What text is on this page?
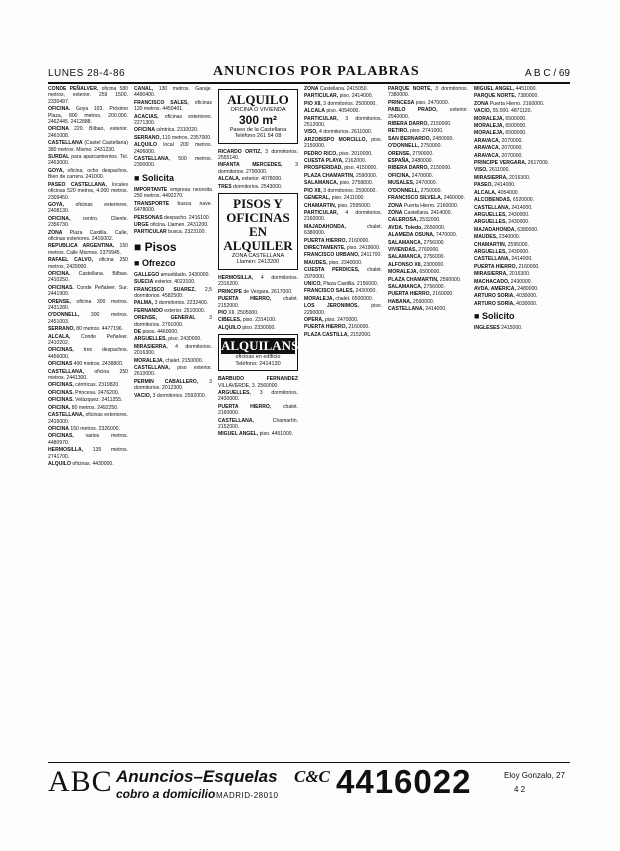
LUNES 28-4-86	ANUNCIOS POR PALABRAS	A B C / 69
CONDE PEÑALVER, oficina 580 metros, exterior. 259 1500. 2330497.
OFICINA. Goya 103. Próximo Plaza, 800 metros, 200.000. 2462445. 2412888.
OFICINA 220. Bilbao, exterior. 2461008.
CASTELLANA (Castel Castellana) 380 metros. Mismo. 2431230.
SURDAL para aparcamientos. Tel. 2463000.
GOYA, oficina, ocho despachos. Bien de carrera. 241000.
PASEO CASTELLANA, locales oficinas 520 metros, 4.000 metros. 2309450.
GOYA, oficinas exteriores. 2408130.
OFICINA, centro. Cliente. 2356730.
ZONA Plaza Castilla. Calle, oficinas exteriores. 2416002.
REPUBLICA ARGENTINA, 150 metros. Calle Mismos. 2379945.
RAFAEL CALVO, oficina 250 metros, 2429000.
OFICINA. Castellana. Bilbao. 2410250.
OFICINAS. Conde Peñalver. Sur. 2441900.
ORENSE, oficina 300 metros. 2431280.
O'DONNELL, 300 metros. 2451003.
SERRANO, 80 metros. 4477196.
ALCALA, Conde Peñalver. 2410202.
OFICINAS, tres despachos. 4456000.
OFICINAS 400 metros. 2438800.
CASTELLANA, oficina 250 metros. 2441300.
OFICINAS, céntricas. 2319820.
OFICINAS. Princesa. 2476200.
OFICINAS. Velázquez. 2411255.
OFICINA, 80 metros. 2492250.
CASTELLANA, oficinas exteriores. 2416000.
OFICINA 150 metros. 2326000.
OFICINAS, varios metros. 4480970.
HERMOSILLA, 135 metros. 2741700.
ALQUILO oficinas. 4430000.
CANAL, 130 metros. Garaje. 4490400.
FRANCISCO SALES, oficinas 120 metros. 4450401.
ACACIAS, oficinas exteriores. 2271300.
OFICINA céntrica. 2310020.
SERRANO, 110 metros. 2357000.
ALQUILO local 200 metros. 2406000.
CASTELLANA, 500 metros. 2300000.
■ Solicita
IMPORTANTE empresa necesita 250 metros. 4492270.
TRANSPORTE busca nave. 6478000.
PERSONAS despacho. 2416100.
URGE oficina. Llamen. 2431200.
PARTICULAR busca. 2323100.
■ Pisos
■ Ofrezco
GALLEGO amueblado. 2430000.
SUECIA exterior. 4023100.
FRANCISCO SUAREZ, 2,5 dormitorios. 4582500.
PALMA, 3 dormitorios. 2232400.
FERNANDO exterior. 2510000.
ORENSE, GENERAL 3 dormitorios. 2791000.
DE pisos. 4460000.
ARGUELLES, piso. 2430000.
MIRASIERRA, 4 dormitorios. 2016300.
MORALEJA, chalet. 2150000.
CASTELLANA, piso exterior. 2610000.
PERMIN CABALLERO, 3 dormitorios. 2012300.
VACIO, 3 dormitorios. 2592000.
ALQUILO
OFICINA O VIVIENDA
300 m²
Paseo de la Castellana
Teléfono 261 54 08
RICARDO ORTIZ, 3 dormitorios. 2555140.
INFANTA MERCEDES, 3 dormitorios. 2790000.
ALCALA, exterior. 4078000.
TRES dormitorios. 2543000.
PISOS Y OFICINAS EN ALQUILER
ZONA CASTELLANA
Llamen: 2413200
HERMOSILLA, 4 dormitorios. 2316200.
PRINCIPE de Vergara. 2617000.
PUERTA HIERRO, chalet. 2152000.
PIO XII. 2505000.
CIBELES, piso. 2314100.
ALQUILO piso. 2330000.
ALQUILANSE
oficinas en edificio
Teléfono: 2414130
BARBUDO FERNANDEZ VILLAVERDE, 3. 2560000.
ARGUELLES, 3 dormitorios. 2430000.
PUERTA HIERRO, chalet. 2160000.
CASTELLANA, Chamartín. 2152000.
MIGUEL ANGEL, piso. 4451000.
ZONA Castellana. 2415050.
PARTICULAR, piso. 2414000.
PIO XII, 3 dormitorios. 2500000.
ALCALA piso. 4054000.
PARTICULAR, 3 dormitorios. 2512000.
VISO, 4 dormitorios. 2611000.
ARZOBISPO MORCILLO, piso. 2150000.
PEDRO RICO, piso. 2010000.
CUESTA PLAYA, 2162000.
PROSPERIDAD, piso. 4150000.
PLAZA CHAMARTIN, 2590000.
SALAMANCA, piso. 2758800.
PIO XII, 3 dormitorios. 2590000.
GENERAL, piso. 2411000.
CHAMARTIN, piso. 2595000.
PARTICULAR, 4 dormitorios. 2160000.
MAJADAHONDA, chalet. 6380000.
PUERTA HIERRO, 2160000.
DIRECTAMENTE, piso. 2419600.
FRANCISCO URBANO, 2411700.
MAUDES, piso. 2340000.
CUESTA PERDICES, chalet. 2070000.
UNICO, Plaza Castilla. 2156000.
FRANCISCO SALES, 2430000.
MORALEJA, chalet. 6500000.
LOS JERONIMOS, piso. 2290000.
OPERA, piso. 2470000.
PUERTA HIERRO, 2160000.
PLAZA CASTILLA, 2152000.
PARQUE NORTE, 3 dormitorios. 7380000.
PRINCESA piso. 2470000.
PABLO PRADO, exterior. 2540000.
RIBERA DARRO, 2150000.
RETIRO, piso. 2741000.
SAN BERNARDO, 2480000.
O'DONNELL, 2750000.
ORENSE, 2790000.
ESPAÑA, 2480000.
RIBERA DARRO, 2150000.
OFICINA, 2470000.
MUSALES, 2470000.
O'DONNELL, 2750000.
FRANCISCO SILVELA, 2460000.
ZONA Puerta Hierro. 2160000.
ZONA Castellana. 2414000.
CALEROSA, 2532000.
AVDA. Toledo, 2650000.
ALAMEDA OSUNA, 7470000.
SALAMANCA, 2756000.
VIVIENDAS, 2760000.
SALAMANCA, 2756000.
ALFONSO XII, 2300000.
MORALEJA, 6500000.
PLAZA CHAMARTIN, 2590000.
SALAMANCA, 2756000.
PUERTA HIERRO, 2160000.
HABANA, 2590000.
CASTELLANA, 2414000.
MIGUEL ANGEL, 4451000.
PARQUE NORTE, 7380000.
ZONA Puerta Hierro. 2160000.
VACIO, 55.000. 4871120.
MORALEJA, 6500000.
MORALEJA, 6500000.
MORALEJA, 6500000.
ARAVACA, 2070000.
ARAVACA, 2070000.
ARAVACA, 2070000.
PRINCIPE VERGARA, 2617000.
VISO, 2611000.
MIRASIERRA, 2016300.
PASEO, 2414000.
ALCALA, 4054000.
ALCOBENDAS, 6520000.
CASTELLANA, 2414000.
ARGUELLES, 2430000.
ARGUELLES, 2430000.
MAJADAHONDA, 6380000.
MAUDES, 2340000.
CHAMARTIN, 2595000.
ARGUELLES, 2430000.
CASTELLANA, 2414000.
PUERTA HIERRO, 2160000.
MIRASIERRA, 2016300.
MACHACADO, 2430000.
AVDA. AMERICA, 2480000.
ARTURO SORIA, 4030000.
ARTURO SORIA, 4030000.
■ Solicito
INGLESES 2415000.
ABC Anuncios–Esquelas
cobro a domicilio
C&C
MADRID-28010 4416022	Eloy Gonzalo, 27
4 2
